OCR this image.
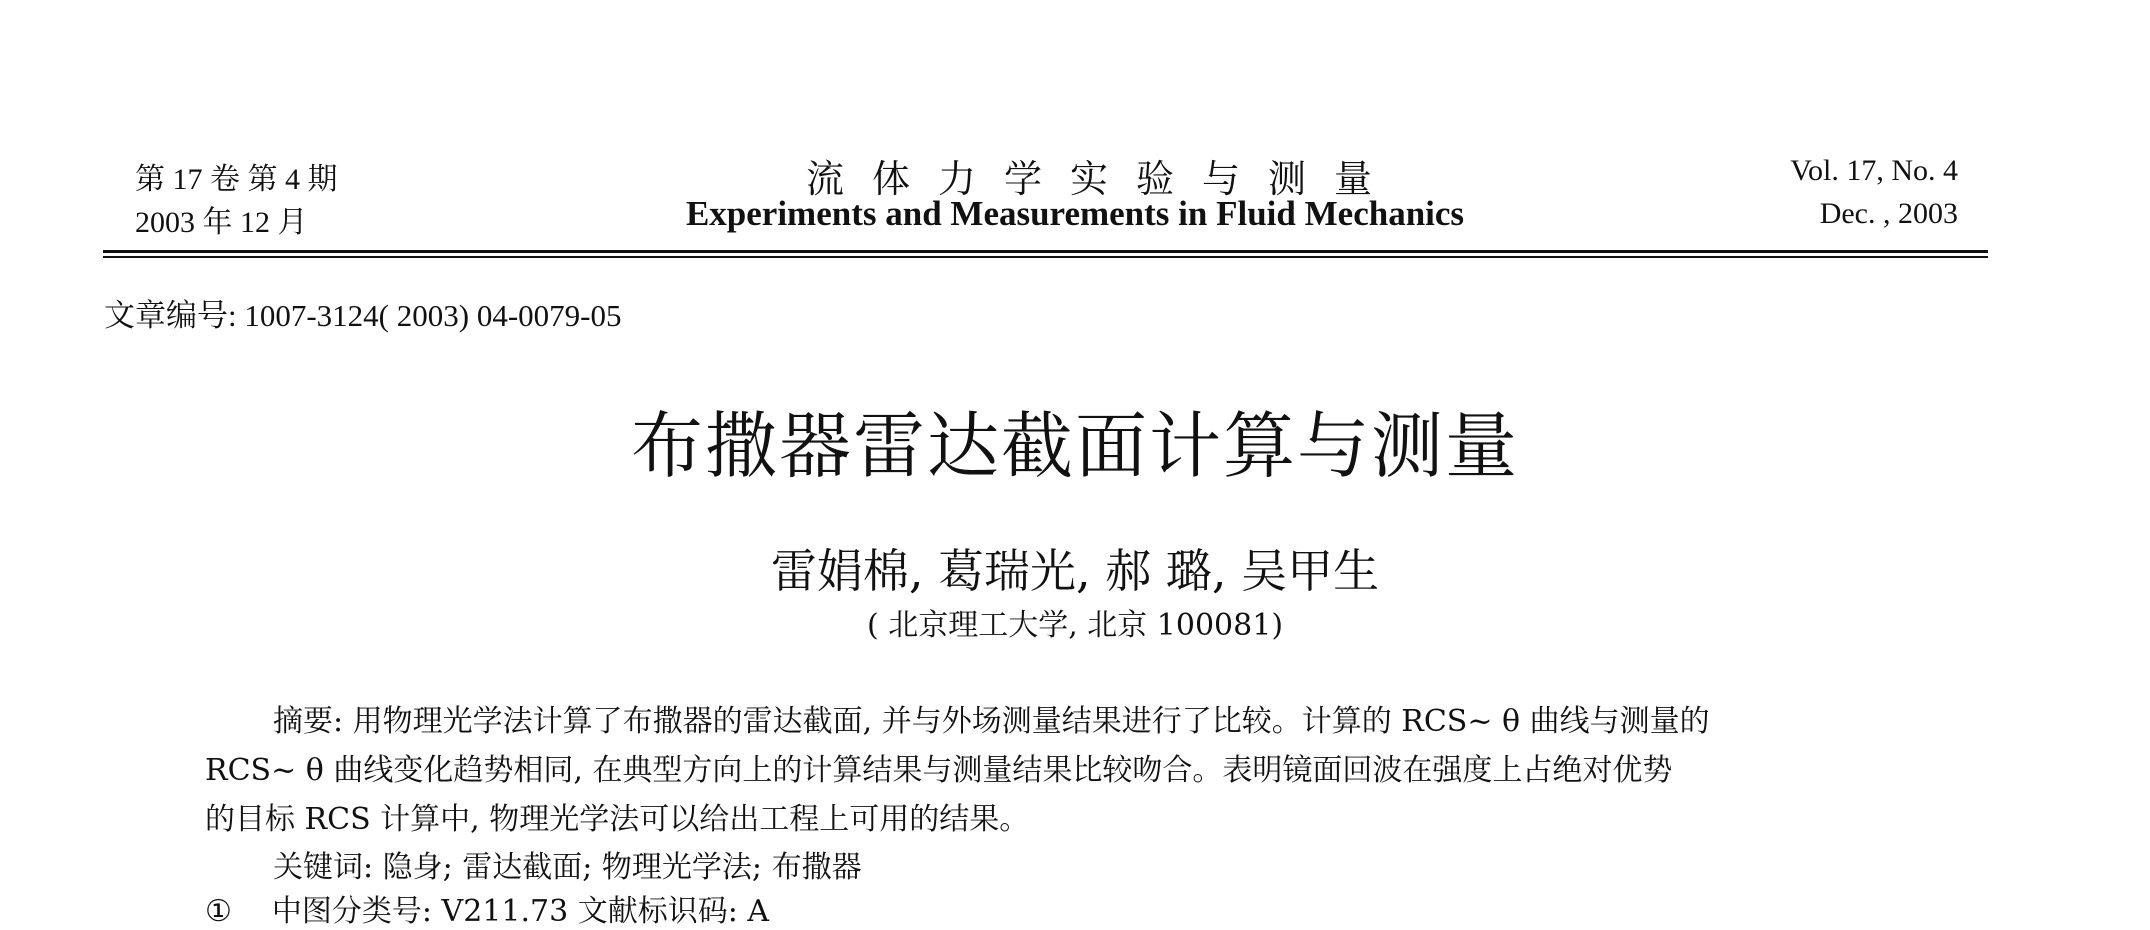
第 17 卷 第 4 期
2003 年 12 月
流体力学实验与测量
Experiments and Measurements in Fluid Mechanics
Vol. 17, No. 4
Dec. , 2003
文章编号: 1007-3124( 2003) 04-0079-05
布撒器雷达截面计算与测量
雷娟棉, 葛瑞光, 郝 璐, 吴甲生
( 北京理工大学, 北京 100081)
摘要: 用物理光学法计算了布撒器的雷达截面, 并与外场测量结果进行了比较。计算的 RCS~ θ 曲线与测量的
RCS~ θ 曲线变化趋势相同, 在典型方向上的计算结果与测量结果比较吻合。表明镜面回波在强度上占绝对优势
的目标 RCS 计算中, 物理光学法可以给出工程上可用的结果。
关键词: 隐身; 雷达截面; 物理光学法; 布撒器
① 中图分类号: V211.73 文献标识码: A
